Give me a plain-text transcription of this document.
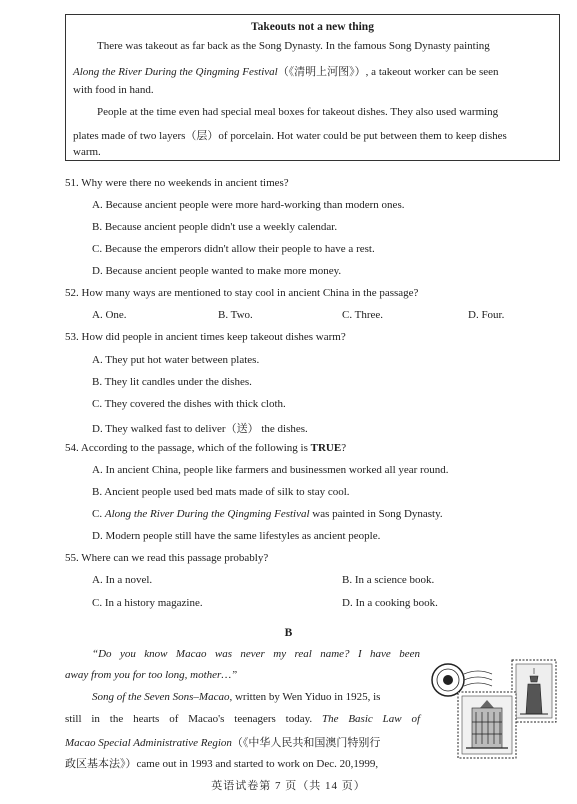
Takeouts not a new thing
There was takeout as far back as the Song Dynasty. In the famous Song Dynasty painting
Along the River During the Qingming Festival（《清明上河图》）, a takeout worker can be seen
with food in hand.
People at the time even had special meal boxes for takeout dishes. They also used warming
plates made of two layers（层）of porcelain. Hot water could be put between them to keep dishes
warm.
51. Why were there no weekends in ancient times?
A. Because ancient people were more hard-working than modern ones.
B. Because ancient people didn't use a weekly calendar.
C. Because the emperors didn't allow their people to have a rest.
D. Because ancient people wanted to make more money.
52. How many ways are mentioned to stay cool in ancient China in the passage?
A. One.	B. Two.	C. Three.	D. Four.
53. How did people in ancient times keep takeout dishes warm?
A. They put hot water between plates.
B. They lit candles under the dishes.
C. They covered the dishes with thick cloth.
D. They walked fast to deliver（送） the dishes.
54. According to the passage, which of the following is TRUE?
A. In ancient China, people like farmers and businessmen worked all year round.
B. Ancient people used bed mats made of silk to stay cool.
C. Along the River During the Qingming Festival was painted in Song Dynasty.
D. Modern people still have the same lifestyles as ancient people.
55. Where can we read this passage probably?
A. In a novel.	B. In a science book.
C. In a history magazine.	D. In a cooking book.
B
“Do you know Macao was never my real name? I have been
away from you for too long, mother…”
Song of the Seven Sons–Macao, written by Wen Yiduo in 1925, is
still in the hearts of Macao's teenagers today. The Basic Law of
Macao Special Administrative Region（《中华人民共和国澳门特别行
政区基本法》）came out in 1993 and started to work on Dec. 20,1999,
英语试卷第 7 页（共 14 页）
